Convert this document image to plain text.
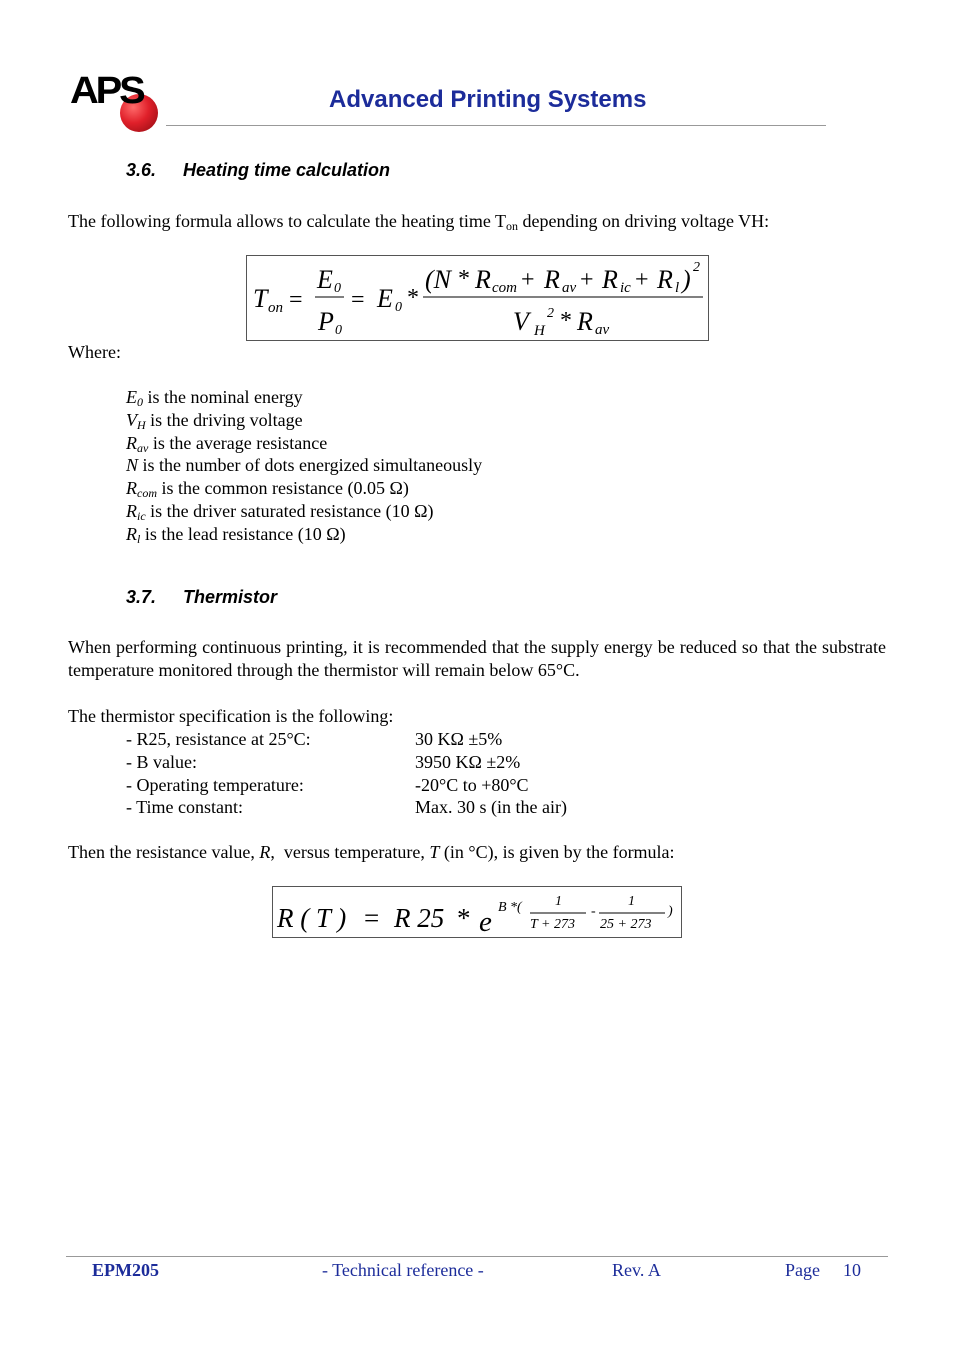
APS	Advanced Printing Systems
3.6. Heating time calculation
The following formula allows to calculate the heating time $T_{on}$ depending on driving voltage VH:
T on =
E 0
P 0
= E 0 *
(N * R com + R av + R ic + R l ) 2
V H
2 * R av
Where:
E0 is the nominal energy
VH is the driving voltage
Rav is the average resistance
N is the number of dots energized simultaneously
Rcom is the common resistance (0.05 Ω)
Ric is the driver saturated resistance (10 Ω)
Rl is the lead resistance (10 Ω)
3.7. Thermistor
When performing continuous printing, it is recommended that the supply energy be reduced so that the substrate temperature monitored through the thermistor will remain below 65°C.
The thermistor specification is the following:
- R25, resistance at 25°C:	30 KΩ ±5%
- B value:	3950 KΩ ±2%
- Operating temperature:	-20°C to +80°C
- Time constant:	Max. 30 s (in the air)
Then the resistance value, R,  versus temperature, T (in °C), is given by the formula:
R ( T ) = R 25 * e B *( 1
T + 273
-
1
25 + 273
)
EPM205	- Technical reference -	Rev. A	Page 10
